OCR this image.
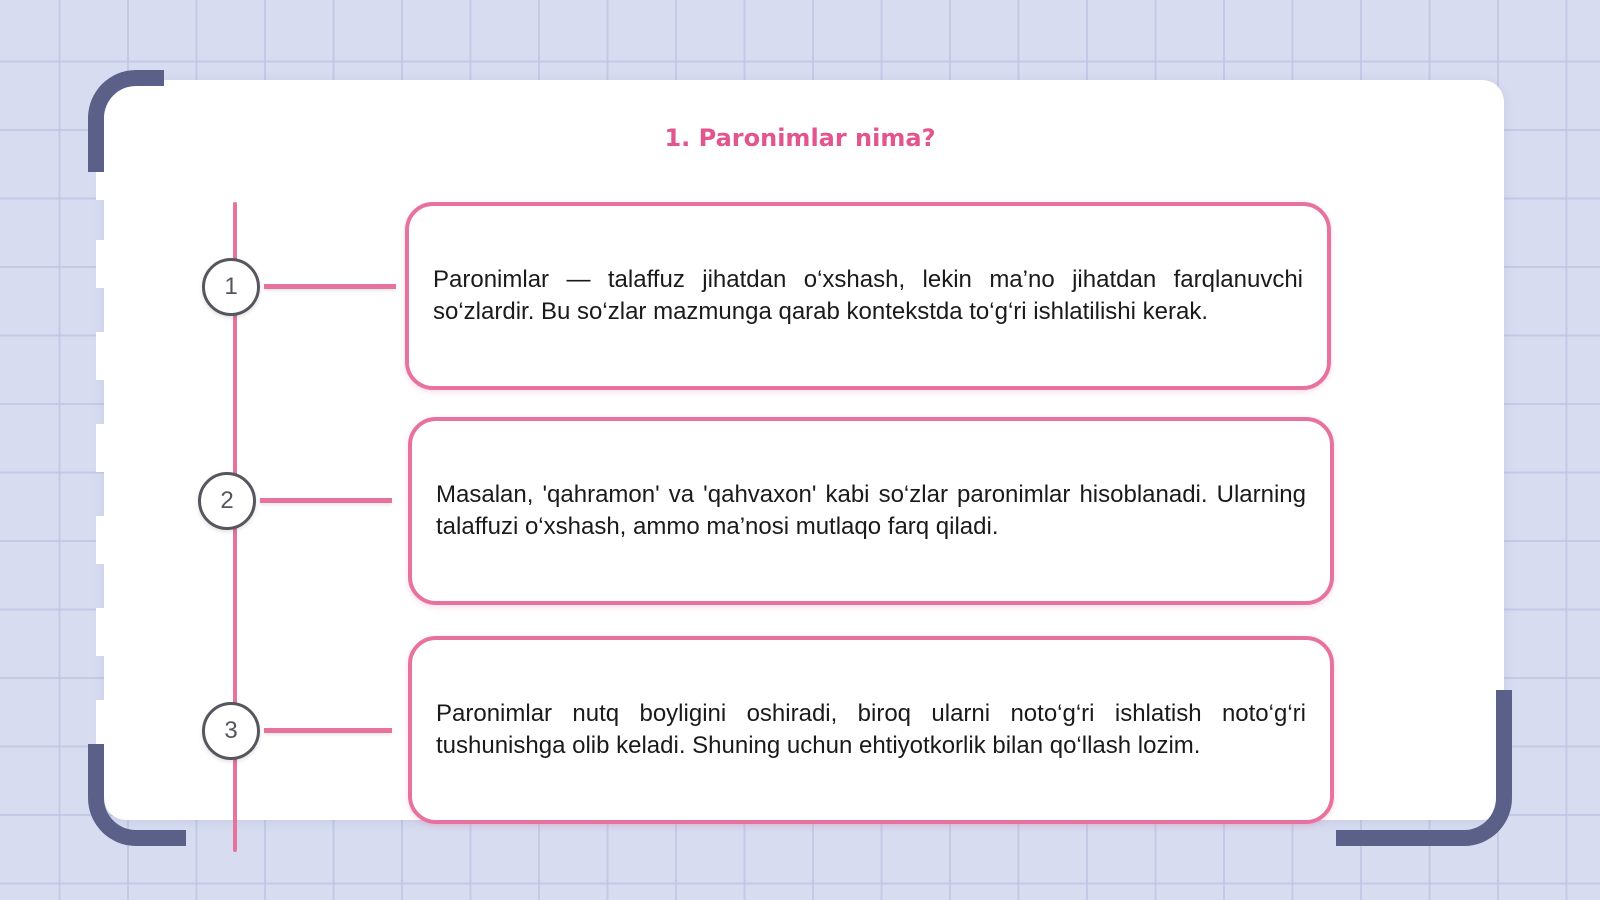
1. Paronimlar nima?
1
2
3

Paronimlar — talaffuz jihatdan o‘xshash, lekin ma’no jihatdan farqlanuvchi so‘zlardir. Bu so‘zlar mazmunga qarab kontekstda to‘g‘ri ishlatilishi kerak.

Masalan, 'qahramon' va 'qahvaxon' kabi so‘zlar paronimlar hisoblanadi. Ularning talaffuzi o‘xshash, ammo ma’nosi mutlaqo farq qiladi.

Paronimlar nutq boyligini oshiradi, biroq ularni noto‘g‘ri ishlatish noto‘g‘ri tushunishga olib keladi. Shuning uchun ehtiyotkorlik bilan qo‘llash lozim.
